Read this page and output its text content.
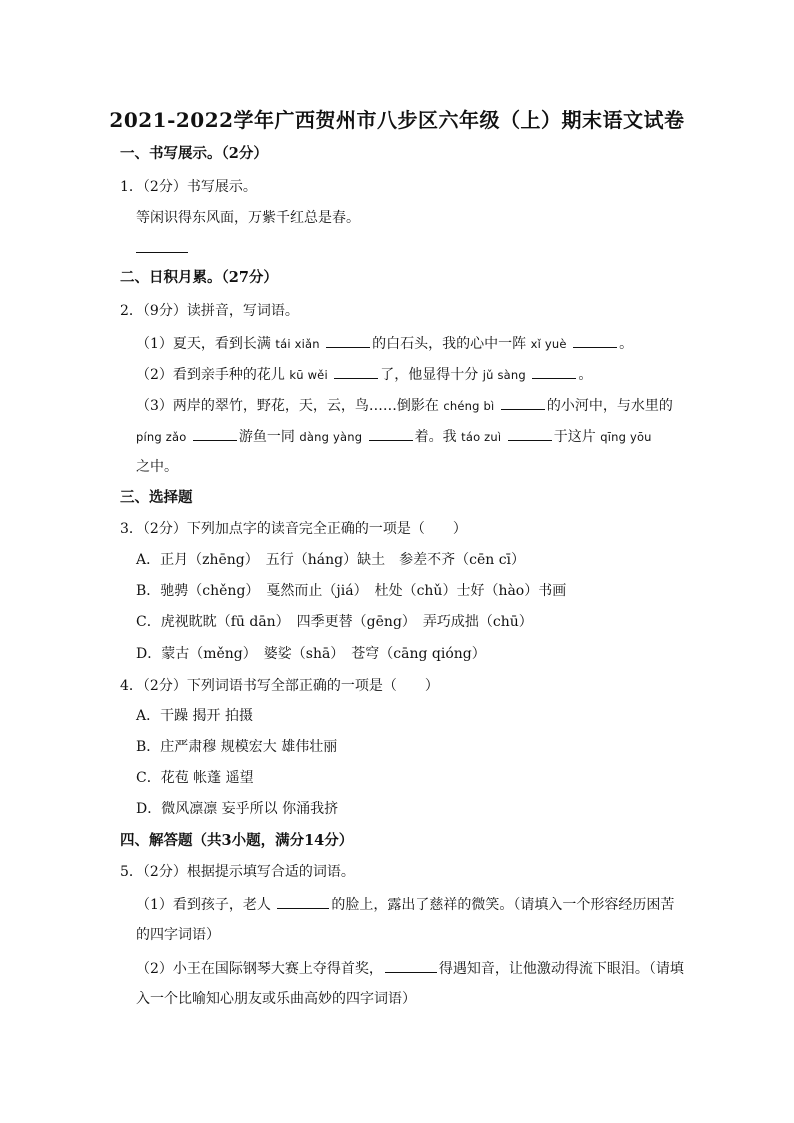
2021-2022学年广西贺州市八步区六年级（上）期末语文试卷
一、书写展示。（2分）
1．（2分）书写展示。
等闲识得东风面，万紫千红总是春。
二、日积月累。（27分）
2．（9分）读拼音，写词语。
（1）夏天，看到长满 tái xiǎn	的白石头，我的心中一阵 xǐ yuè	。
（2）看到亲手种的花儿 kū wěi	了，他显得十分 jǔ sàng	。
（3）两岸的翠竹，野花，天，云，鸟……倒影在 chéng bì	的小河中，与水里的
píng zǎo	游鱼一同 dàng yàng	着。我 táo zuì	于这片 qīng yōu
之中。
三、选择题
3．（2分）下列加点字的读音完全正确的一项是（　　）
A．正月（zhēng）　五行（háng）缺土　参差不齐（cēn cī）
B．驰骋（chěng）　戛然而止（jiá）　杜处（chǔ）士好（hào）书画
C．虎视眈眈（fū dān）　四季更替（gēng）　弄巧成拙（chū）
D．蒙古（měng）　婆娑（shā）　苍穹（cāng qióng）
4．（2分）下列词语书写全部正确的一项是（　　）
A．干躁 揭开 拍摄
B．庄严肃穆 规模宏大 雄伟壮丽
C．花苞 帐蓬 遥望
D．微风凛凛 妄乎所以 你涌我挤
四、解答题（共3小题，满分14分）
5．（2分）根据提示填写合适的词语。
（1）看到孩子，老人	的脸上，露出了慈祥的微笑。（请填入一个形容经历困苦
的四字词语）
（2）小王在国际钢琴大赛上夺得首奖，	得遇知音，让他激动得流下眼泪。（请填
入一个比喻知心朋友或乐曲高妙的四字词语）
